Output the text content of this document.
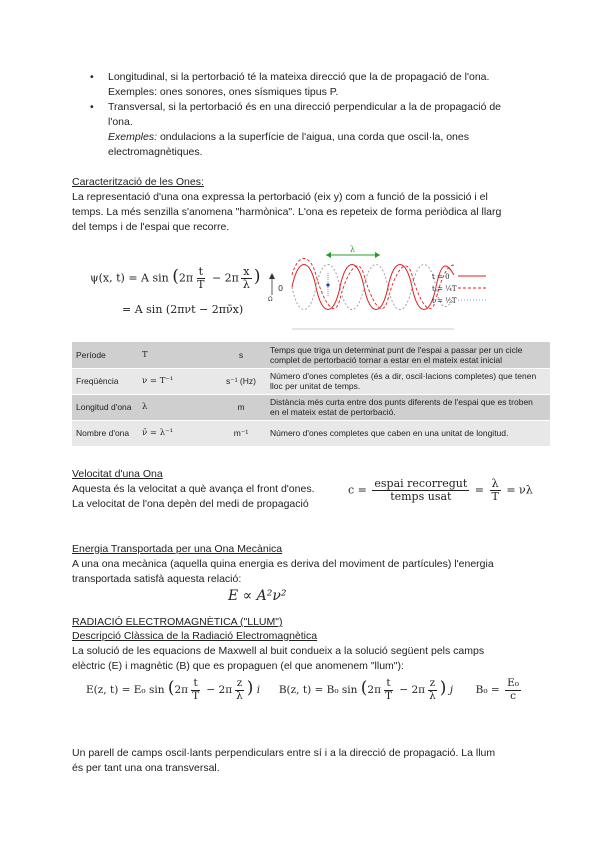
• Longitudinal, si la pertorbació té la mateixa direcció que la de propagació de l'ona.
Exemples: ones sonores, ones sísmiques tipus P.
• Transversal, si la pertorbació és en una direcció perpendicular a la de propagació de
l'ona.
Exemples: ondulacions a la superfície de l'aigua, una corda que oscil·la, ones
electromagnètiques.
Caracterització de les Ones:
La representació d'una ona expressa la pertorbació (eix y) com a funció de la possició i el
temps. La més senzilla s'anomena "harmònica". L'ona es repeteix de forma periòdica al llarg
del temps i de l'espai que recorre.
ψ(x, t) = A $\sin (2\pi \frac{t}{T} - 2\pi \frac{x}{\lambda}$ )
= A sin (2πνt − 2πν̄x)
0
Ω
λ
t = 0
t = ¼T
t = ½T
Període	T	s	Temps que triga un determinat punt de l'espai a passar per un cicle
complet de pertorbació tornar a estar en el mateix estat inicial

Freqüència	ν = T⁻¹	s⁻¹ (Hz)	Número d'ones completes (és a dir, oscil·lacions completes) que tenen
lloc per unitat de temps.

Longitud d'ona	λ	m	Distància més curta entre dos punts diferents de l'espai que es troben
en el mateix estat de pertorbació.

Nombre d'ona	ν̄ = λ⁻¹	m⁻¹	Número d'ones completes que caben en una unitat de longitud.
Velocitat d'una Ona
Aquesta és la velocitat a què avança el front d'ones.
La velocitat de l'ona depèn del medi de propagació
$c = \frac{\text{espai recorregut}}{\text{temps usat}} = \frac{\lambda}{T} = \nu\lambda$
Energia Transportada per una Ona Mecànica
A una ona mecànica (aquella quina energia es deriva del moviment de partícules) l'energia
transportada satisfà aquesta relació:
E ∝ A²ν²
RADIACIÓ ELECTROMAGNÈTICA ("LLUM")
Descripció Clàssica de la Radiació Electromagnètica
La solució de les equacions de Maxwell al buit condueix a la solució següent pels camps
elèctric (E) i magnètic (B) que es propaguen (el que anomenem "llum"):
E(z, t) = E₀ $\sin (2\pi \frac{t}{T} - 2\pi \frac{z}{\lambda}$ ) i B(z, t) = B₀ $\sin (2\pi \frac{t}{T} - 2\pi \frac{z}{\lambda}$ ) j $B_0 = \frac{\text{E₀}}{c}$
Un parell de camps oscil·lants perpendiculars entre sí i a la direcció de propagació. La llum
és per tant una ona transversal.
